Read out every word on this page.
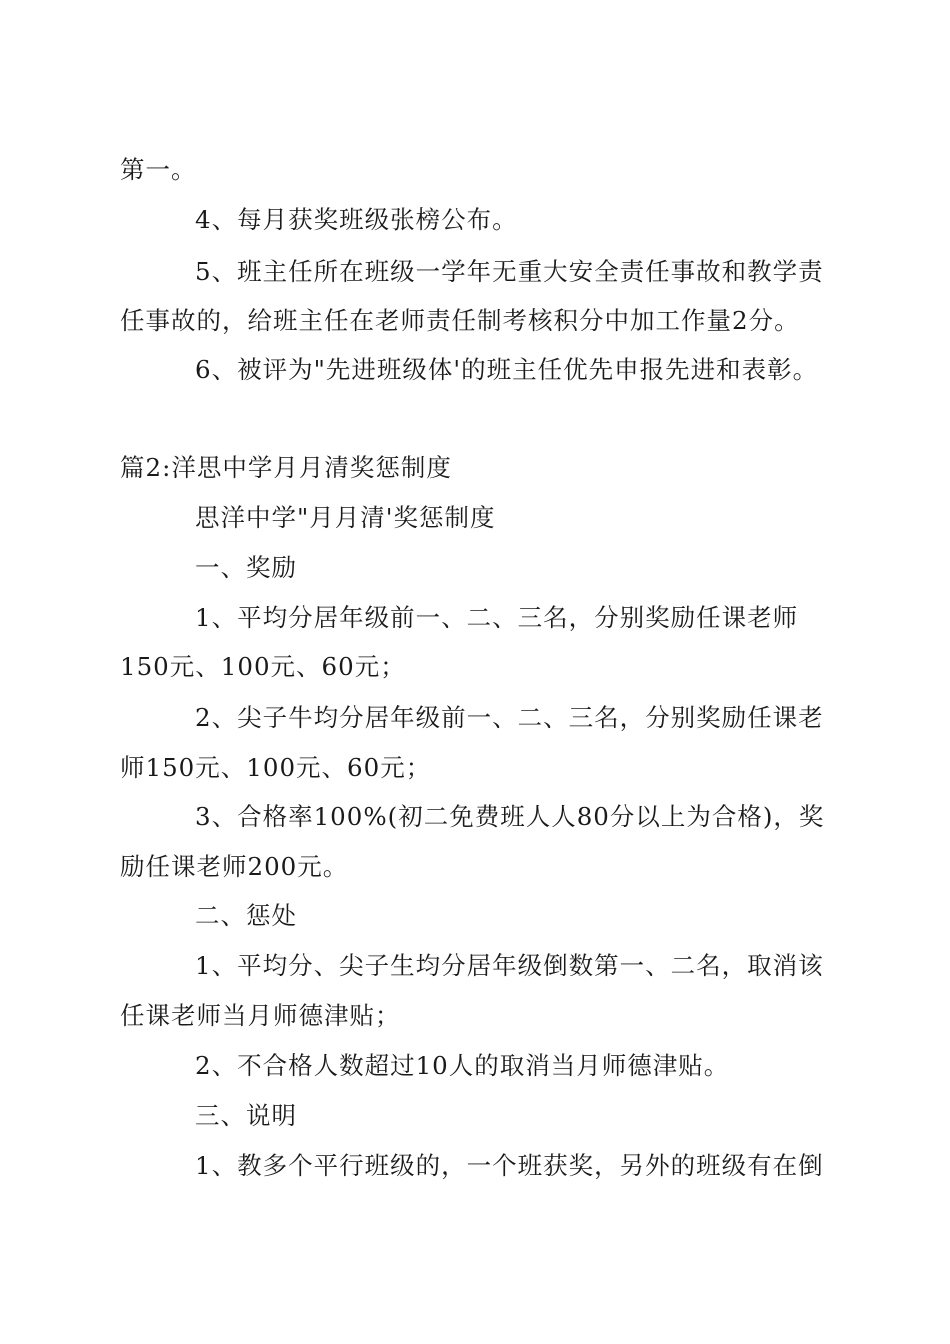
第一。
4、每月获奖班级张榜公布。
5、班主任所在班级一学年无重大安全责任事故和教学责
任事故的，给班主任在老师责任制考核积分中加工作量2分。
6、被评为"先进班级体'的班主任优先申报先进和表彰。
篇2:洋思中学月月清奖惩制度
思洋中学"月月清'奖惩制度
一、奖励
1、平均分居年级前一、二、三名，分别奖励任课老师
150元、100元、60元；
2、尖子牛均分居年级前一、二、三名，分别奖励任课老
师150元、100元、60元；
3、合格率100%(初二免费班人人80分以上为合格)，奖
励任课老师200元。
二、惩处
1、平均分、尖子生均分居年级倒数第一、二名，取消该
任课老师当月师德津贴；
2、不合格人数超过10人的取消当月师德津贴。
三、说明
1、教多个平行班级的，一个班获奖，另外的班级有在倒
